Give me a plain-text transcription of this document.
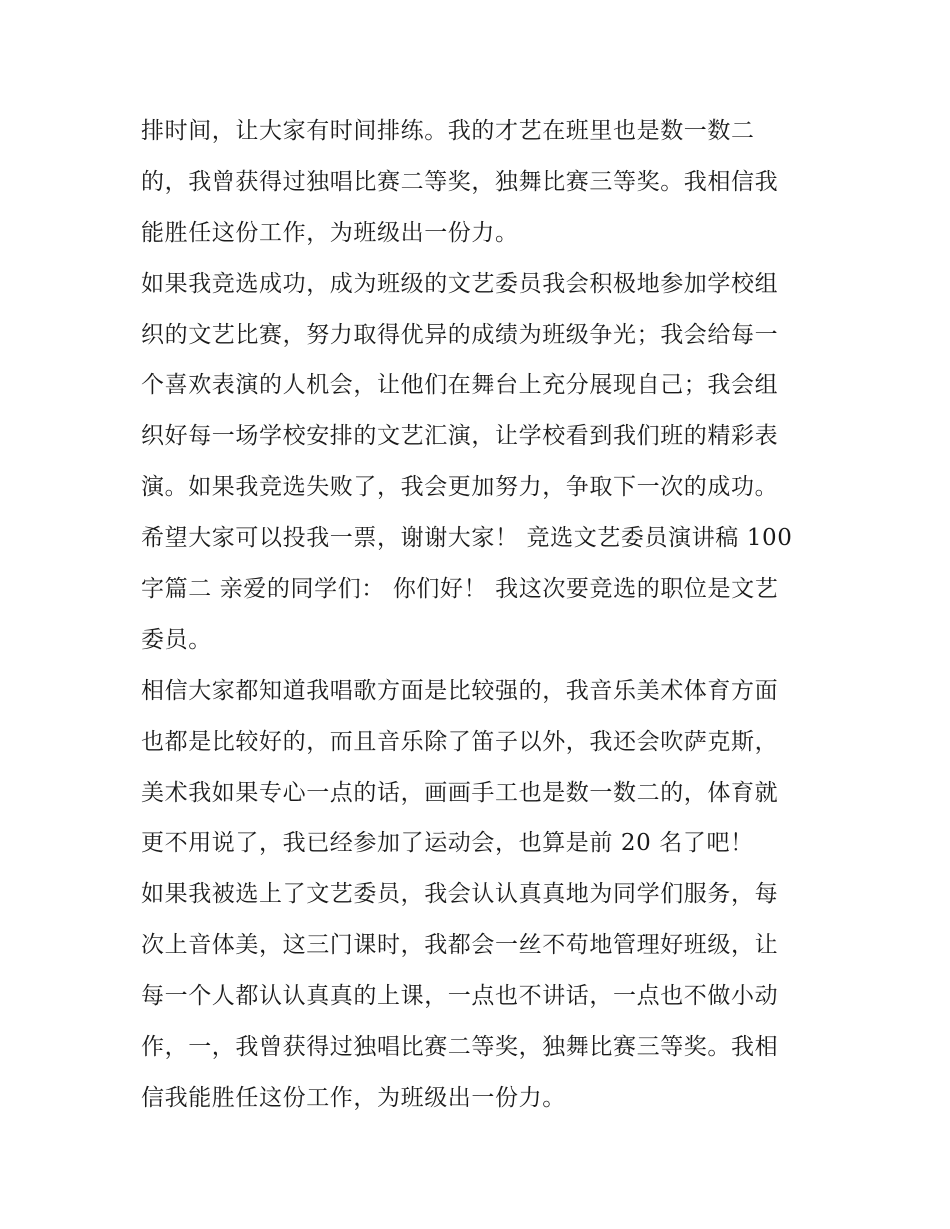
排时间，让大家有时间排练。我的才艺在班里也是数一数二
的，我曾获得过独唱比赛二等奖，独舞比赛三等奖。我相信我
能胜任这份工作，为班级出一份力。
如果我竞选成功，成为班级的文艺委员我会积极地参加学校组
织的文艺比赛，努力取得优异的成绩为班级争光；我会给每一
个喜欢表演的人机会，让他们在舞台上充分展现自己；我会组
织好每一场学校安排的文艺汇演，让学校看到我们班的精彩表
演。如果我竞选失败了，我会更加努力，争取下一次的成功。
希望大家可以投我一票，谢谢大家！ 竞选文艺委员演讲稿 100
字篇二 亲爱的同学们： 你们好！ 我这次要竞选的职位是文艺
委员。
相信大家都知道我唱歌方面是比较强的，我音乐美术体育方面
也都是比较好的，而且音乐除了笛子以外，我还会吹萨克斯，
美术我如果专心一点的话，画画手工也是数一数二的，体育就
更不用说了，我已经参加了运动会，也算是前 20 名了吧！
如果我被选上了文艺委员，我会认认真真地为同学们服务，每
次上音体美，这三门课时，我都会一丝不苟地管理好班级，让
每一个人都认认真真的上课，一点也不讲话，一点也不做小动
作，一，我曾获得过独唱比赛二等奖，独舞比赛三等奖。我相
信我能胜任这份工作，为班级出一份力。
